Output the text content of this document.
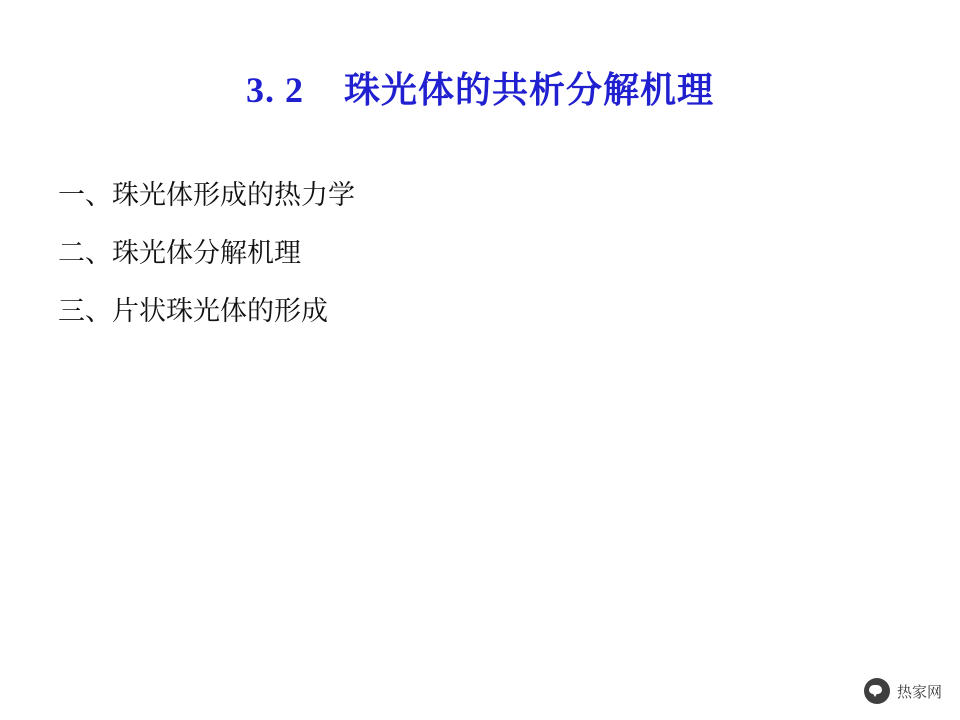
3. 2    珠光体的共析分解机理
一、珠光体形成的热力学
二、珠光体分解机理
三、片状珠光体的形成
热家网
